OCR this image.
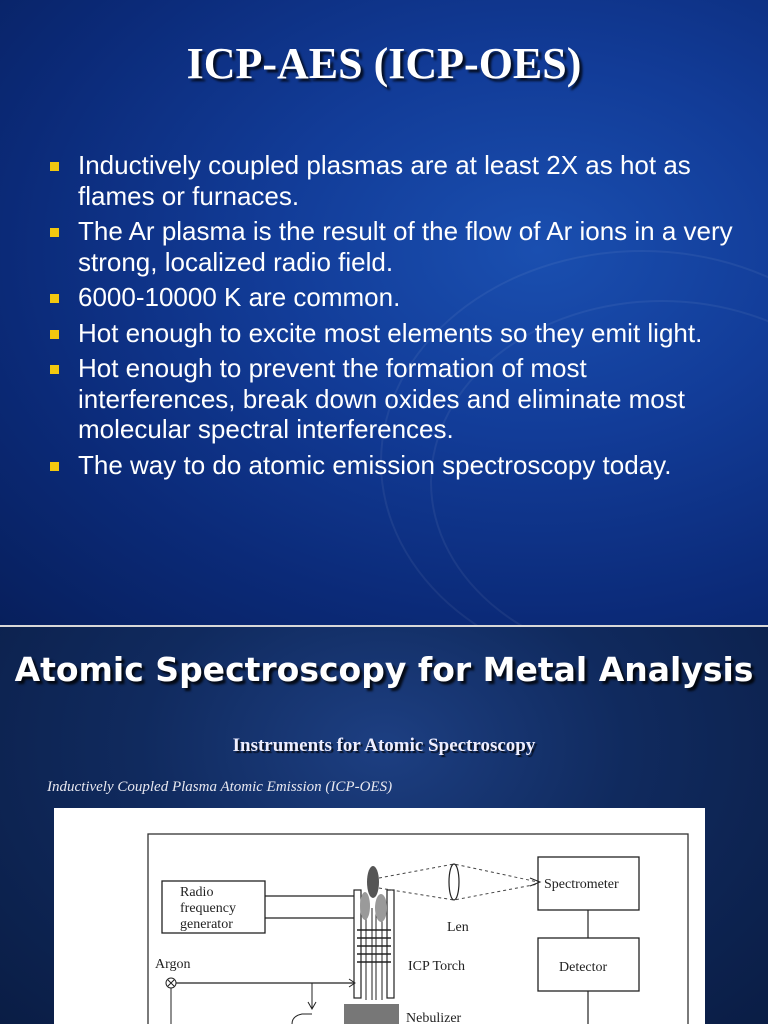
ICP-AES (ICP-OES)
Inductively coupled plasmas are at least 2X as hot as flames or furnaces.
The Ar plasma is the result of the flow of Ar ions in a very strong, localized radio field.
6000-10000 K are common.
Hot enough to excite most elements so they emit light.
Hot enough to prevent the formation of most interferences, break down oxides and eliminate most molecular spectral interferences.
The way to do atomic emission spectroscopy today.
Atomic Spectroscopy for Metal Analysis
Instruments for Atomic Spectroscopy
Inductively Coupled Plasma Atomic Emission (ICP-OES)
Radio
frequency
generator	Len
ICP Torch
Spectrometer
Detector
Argon
Nebulizer
